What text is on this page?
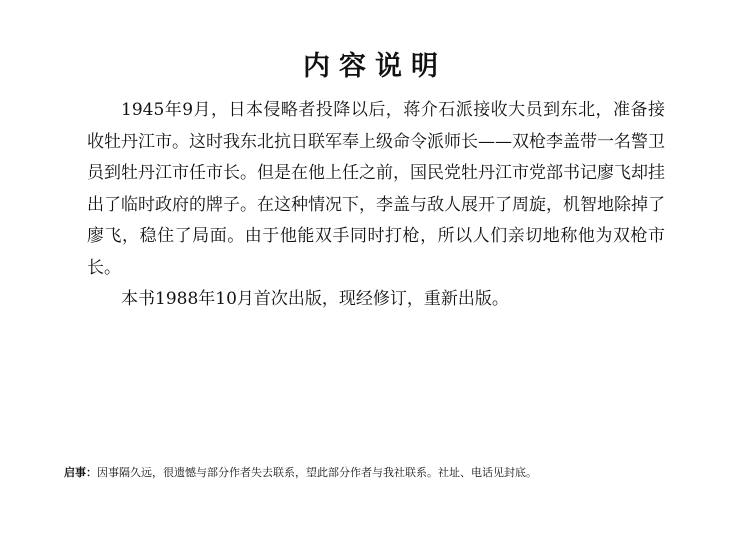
内容说明

1945年9月，日本侵略者投降以后，蒋介石派接收大员到东北，准备接收牡丹江市。这时我东北抗日联军奉上级命令派师长——双枪李盖带一名警卫员到牡丹江市任市长。但是在他上任之前，国民党牡丹江市党部书记廖飞却挂出了临时政府的牌子。在这种情况下，李盖与敌人展开了周旋，机智地除掉了廖飞，稳住了局面。由于他能双手同时打枪，所以人们亲切地称他为双枪市长。

本书1988年10月首次出版，现经修订，重新出版。

启事：因事隔久远，很遗憾与部分作者失去联系，望此部分作者与我社联系。社址、电话见封底。
